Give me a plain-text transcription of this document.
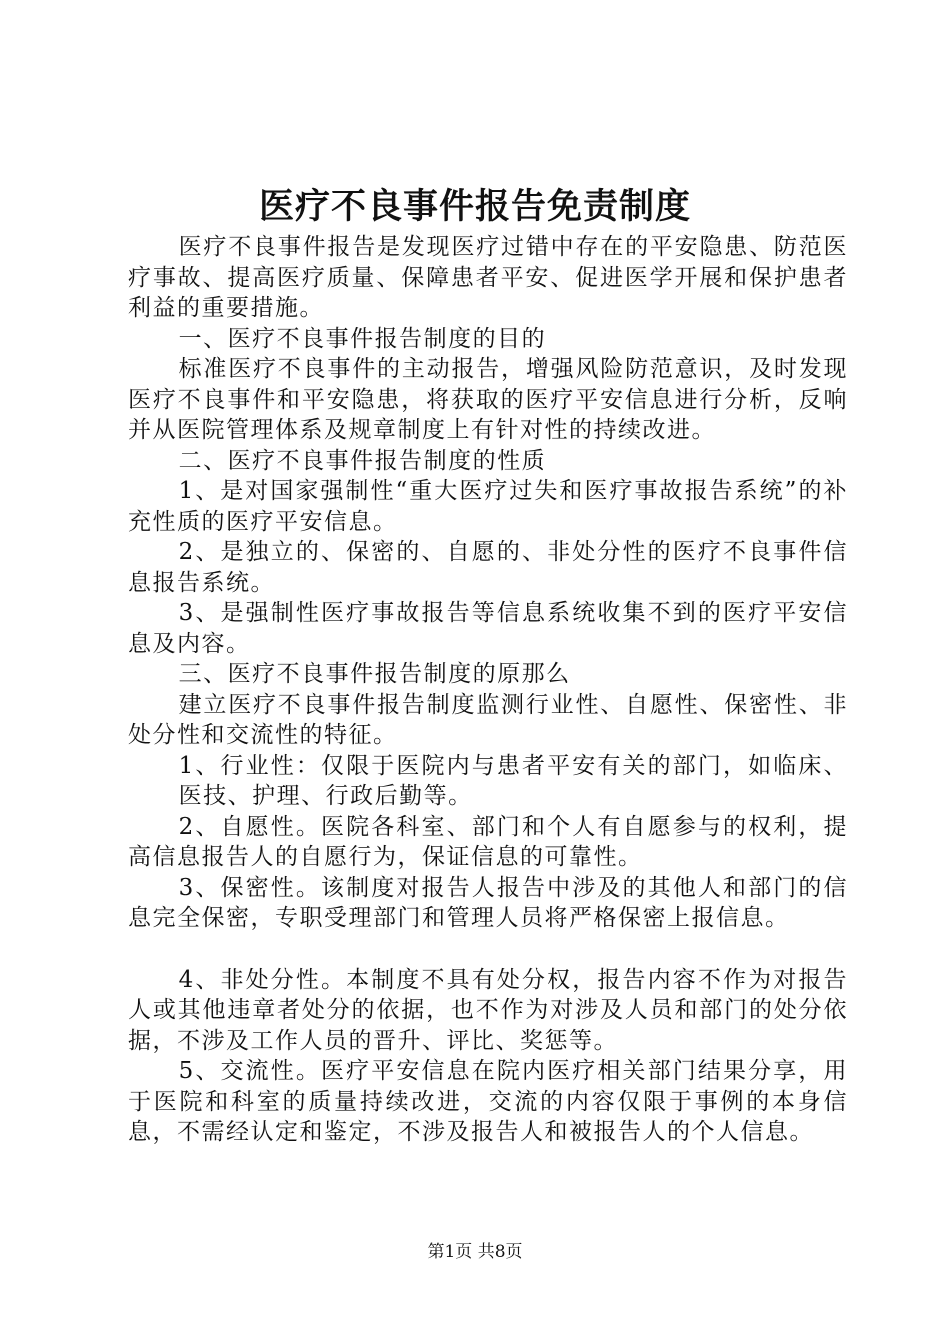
医疗不良事件报告免责制度

医疗不良事件报告是发现医疗过错中存在的平安隐患、防范医疗事故、提高医疗质量、保障患者平安、促进医学开展和保护患者利益的重要措施。

一、医疗不良事件报告制度的目的

标准医疗不良事件的主动报告，增强风险防范意识，及时发现医疗不良事件和平安隐患，将获取的医疗平安信息进行分析，反响并从医院管理体系及规章制度上有针对性的持续改进。

二、医疗不良事件报告制度的性质

1、是对国家强制性“重大医疗过失和医疗事故报告系统”的补充性质的医疗平安信息。

2、是独立的、保密的、自愿的、非处分性的医疗不良事件信息报告系统。

3、是强制性医疗事故报告等信息系统收集不到的医疗平安信息及内容。

三、医疗不良事件报告制度的原那么

建立医疗不良事件报告制度监测行业性、自愿性、保密性、非处分性和交流性的特征。

1、行业性：仅限于医院内与患者平安有关的部门，如临床、医技、护理、行政后勤等。

2、自愿性。医院各科室、部门和个人有自愿参与的权利，提高信息报告人的自愿行为，保证信息的可靠性。

3、保密性。该制度对报告人报告中涉及的其他人和部门的信息完全保密，专职受理部门和管理人员将严格保密上报信息。

4、非处分性。本制度不具有处分权，报告内容不作为对报告人或其他违章者处分的依据，也不作为对涉及人员和部门的处分依据，不涉及工作人员的晋升、评比、奖惩等。

5、交流性。医疗平安信息在院内医疗相关部门结果分享，用于医院和科室的质量持续改进，交流的内容仅限于事例的本身信息，不需经认定和鉴定，不涉及报告人和被报告人的个人信息。

第1页 共8页
